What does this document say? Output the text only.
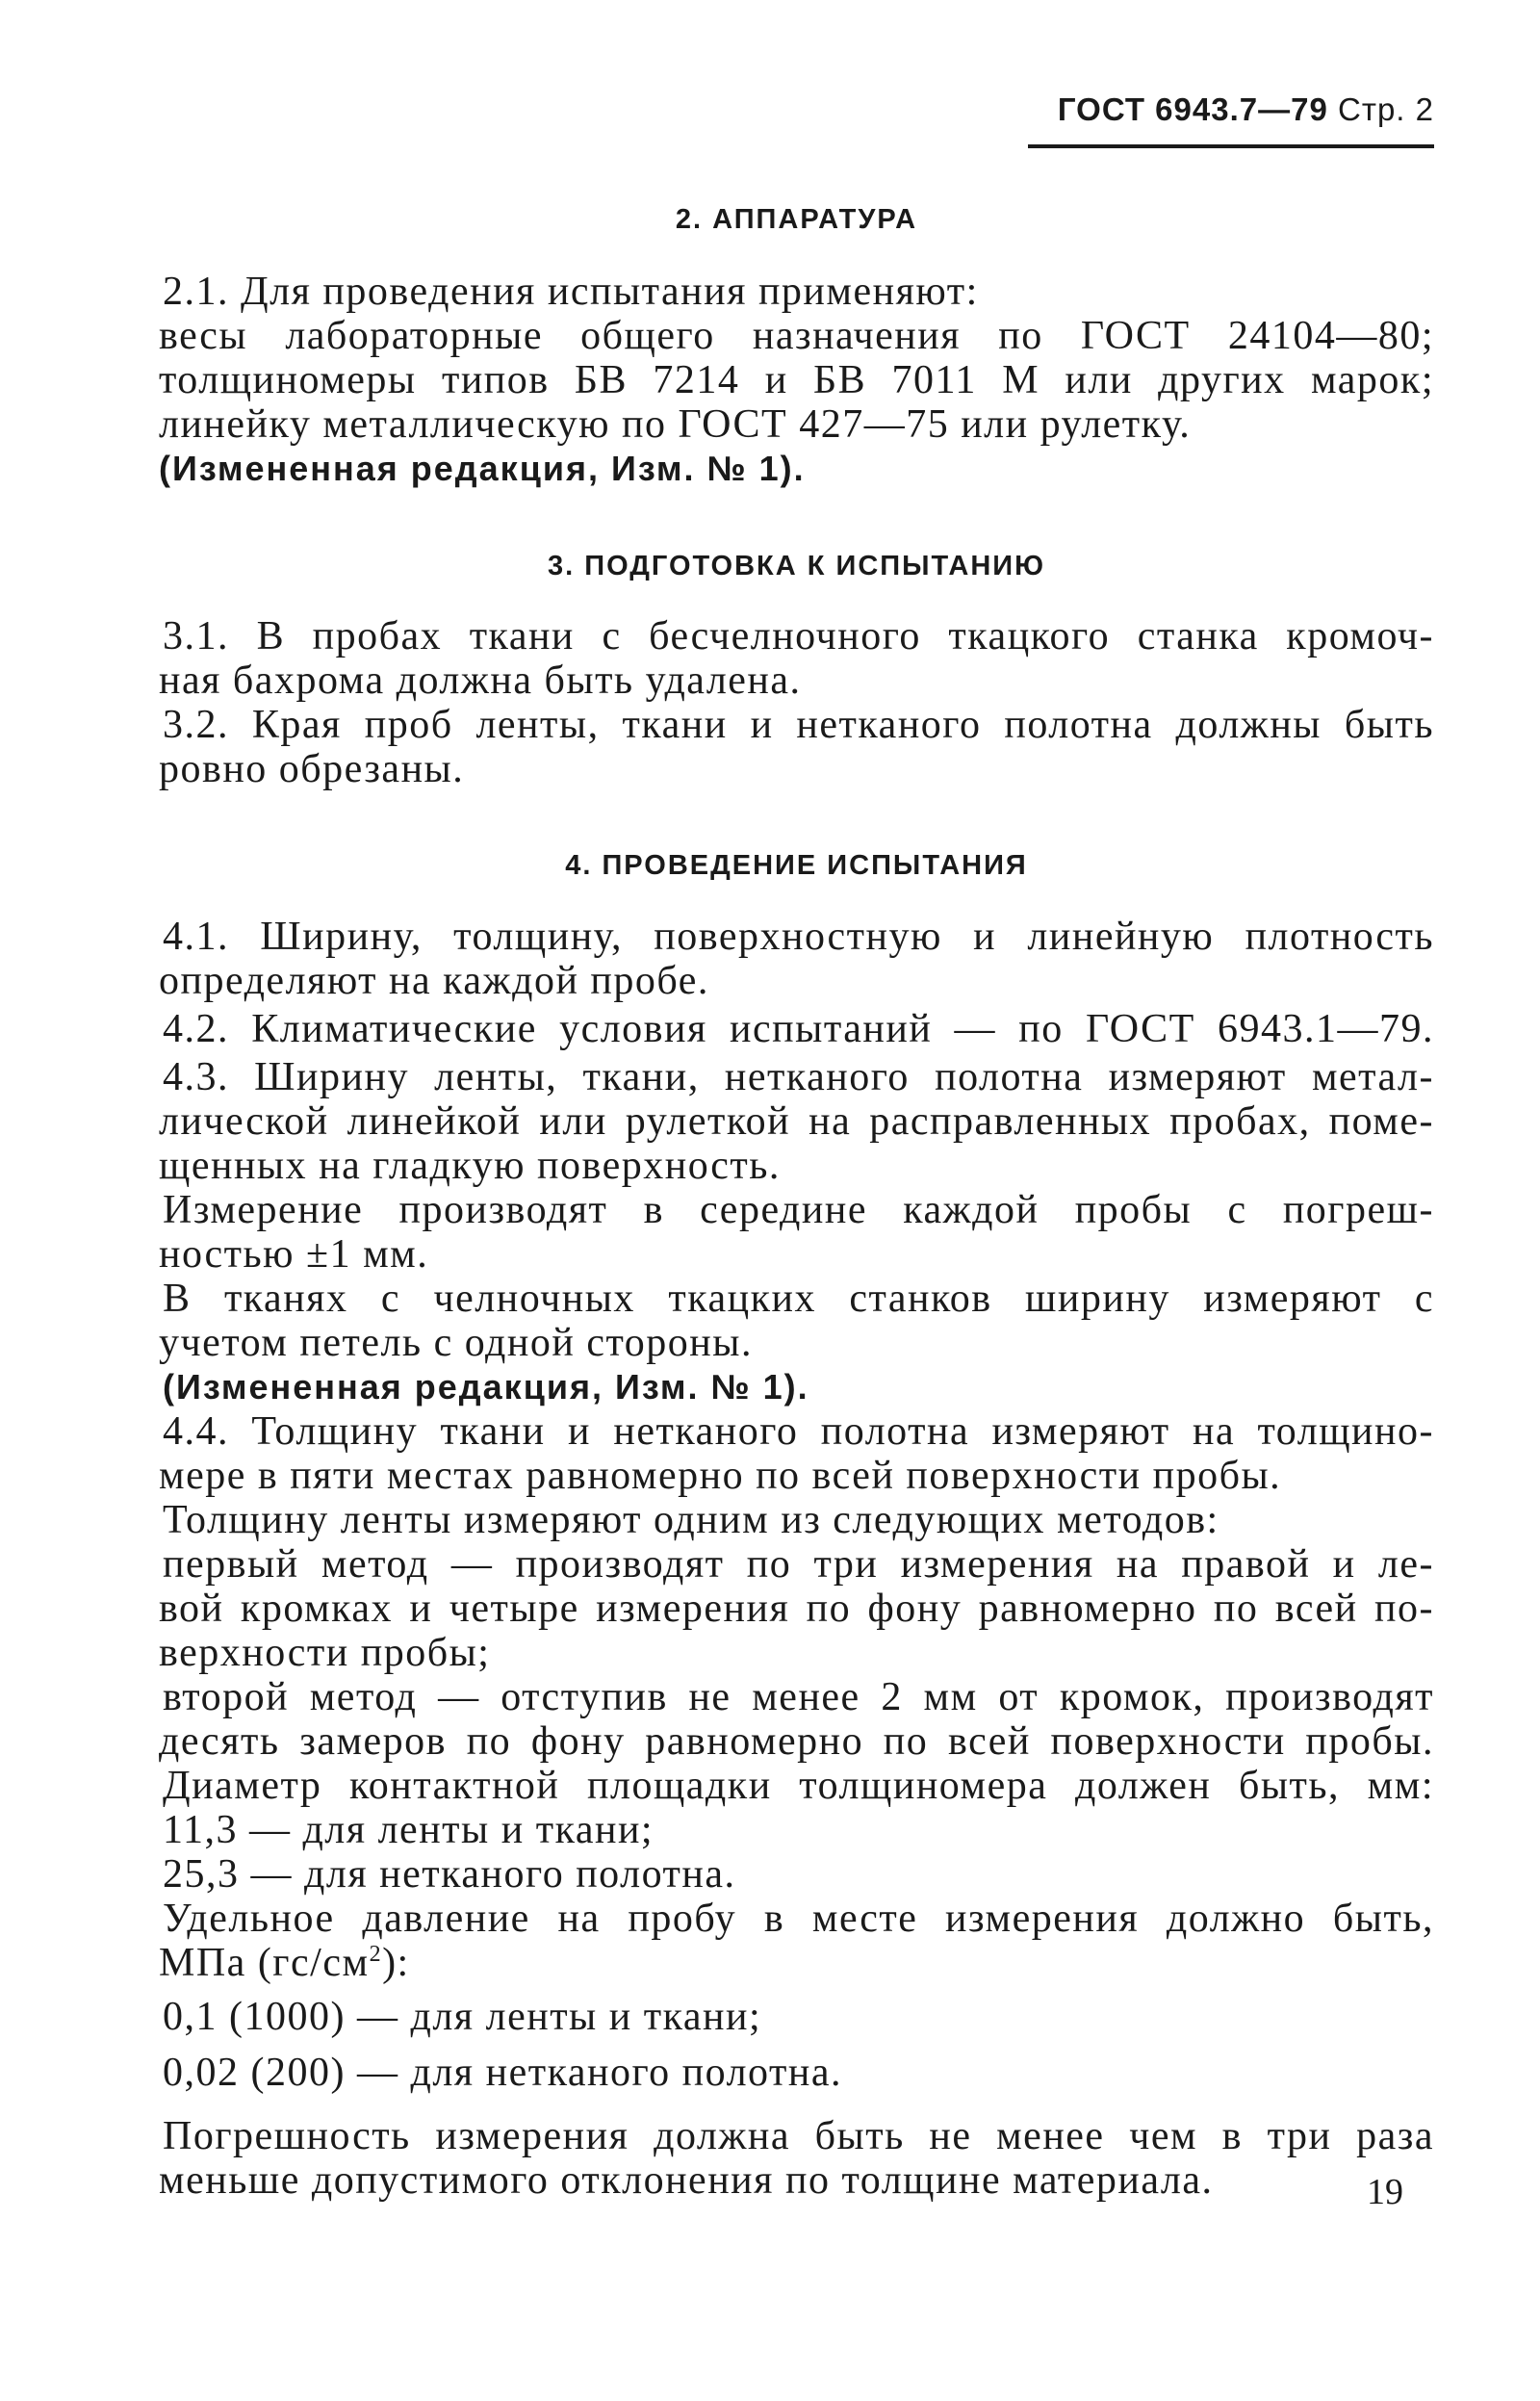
ГОСТ 6943.7—79 Стр. 2
2. АППАРАТУРА

2.1. Для проведения испытания применяют:
весы лабораторные общего назначения по ГОСТ 24104—80;
толщиномеры типов БВ 7214 и БВ 7011 М или других марок;
линейку металлическую по ГОСТ 427—75 или рулетку.

(Измененная редакция, Изм. № 1).

3. ПОДГОТОВКА К ИСПЫТАНИЮ

3.1. В пробах ткани с бесчелночного ткацкого станка кромоч-
ная бахрома должна быть удалена.
3.2. Края проб ленты, ткани и нетканого полотна должны быть
ровно обрезаны.

4. ПРОВЕДЕНИЕ ИСПЫТАНИЯ

4.1. Ширину, толщину, поверхностную и линейную плотность
определяют на каждой пробе.

4.2. Климатические условия испытаний — по ГОСТ 6943.1—79.

4.3. Ширину ленты, ткани, нетканого полотна измеряют метал-
лической линейкой или рулеткой на расправленных пробах, поме-
щенных на гладкую поверхность.
Измерение производят в середине каждой пробы с погреш-
ностью ±1 мм.
В тканях с челночных ткацких станков ширину измеряют с
учетом петель с одной стороны.

(Измененная редакция, Изм. № 1).

4.4. Толщину ткани и нетканого полотна измеряют на толщино-
мере в пяти местах равномерно по всей поверхности пробы.
Толщину ленты измеряют одним из следующих методов:
первый метод — производят по три измерения на правой и ле-
вой кромках и четыре измерения по фону равномерно по всей по-
верхности пробы;
второй метод — отступив не менее 2 мм от кромок, производят
десять замеров по фону равномерно по всей поверхности пробы.
Диаметр контактной площадки толщиномера должен быть, мм:
11,3 — для ленты и ткани;
25,3 — для нетканого полотна.
Удельное давление на пробу в месте измерения должно быть,
МПа $(гс/см^2)$:

0,1 (1000) — для ленты и ткани;
0,02 (200) — для нетканого полотна.

Погрешность измерения должна быть не менее чем в три раза
меньше допустимого отклонения по толщине материала.	19
